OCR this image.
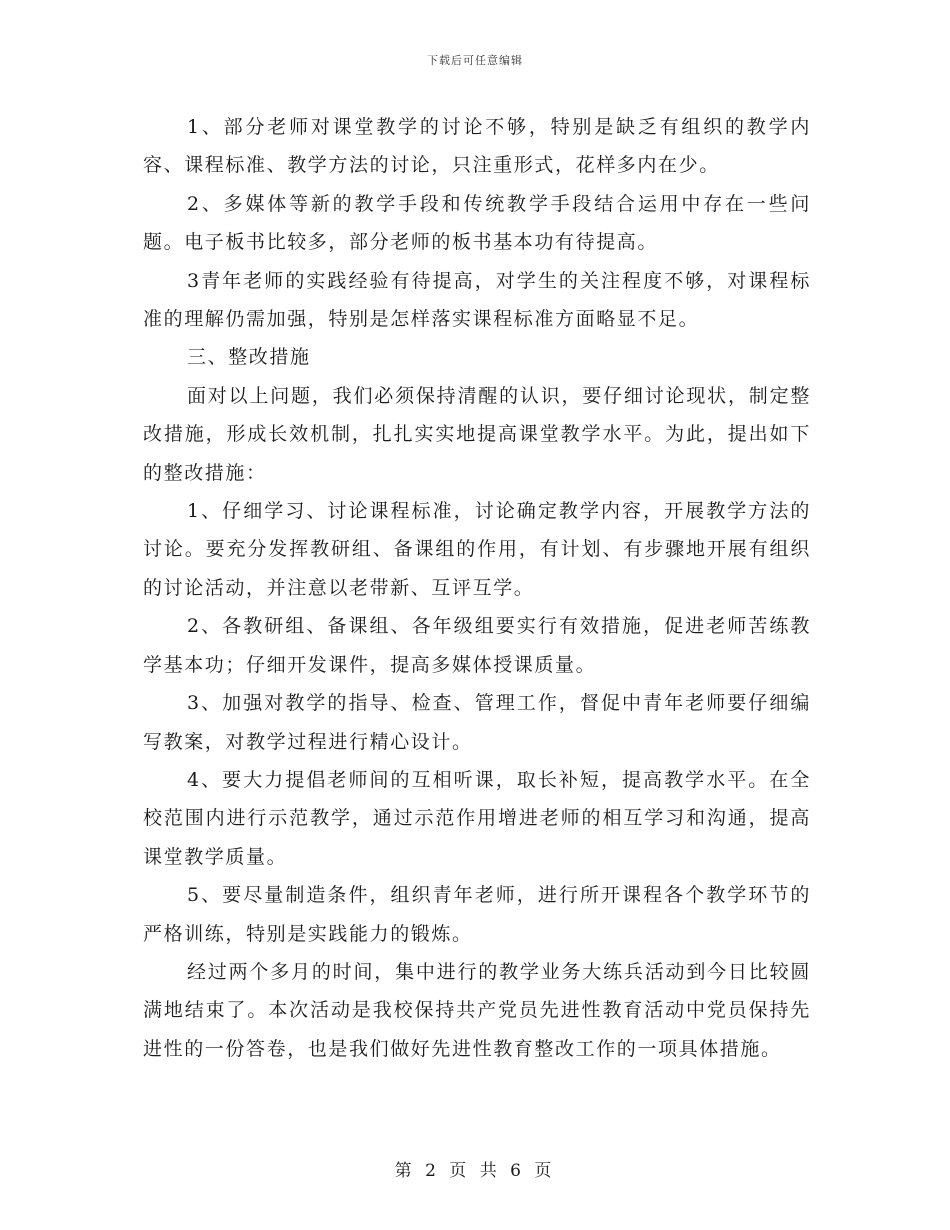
下载后可任意编辑

1、部分老师对课堂教学的讨论不够，特别是缺乏有组织的教学内容、课程标准、教学方法的讨论，只注重形式，花样多内在少。

2、多媒体等新的教学手段和传统教学手段结合运用中存在一些问题。电子板书比较多，部分老师的板书基本功有待提高。

3青年老师的实践经验有待提高，对学生的关注程度不够，对课程标准的理解仍需加强，特别是怎样落实课程标准方面略显不足。

三、整改措施

面对以上问题，我们必须保持清醒的认识，要仔细讨论现状，制定整改措施，形成长效机制，扎扎实实地提高课堂教学水平。为此，提出如下的整改措施：

1、仔细学习、讨论课程标准，讨论确定教学内容，开展教学方法的讨论。要充分发挥教研组、备课组的作用，有计划、有步骤地开展有组织的讨论活动，并注意以老带新、互评互学。

2、各教研组、备课组、各年级组要实行有效措施，促进老师苦练教学基本功；仔细开发课件，提高多媒体授课质量。

3、加强对教学的指导、检查、管理工作，督促中青年老师要仔细编写教案，对教学过程进行精心设计。

4、要大力提倡老师间的互相听课，取长补短，提高教学水平。在全校范围内进行示范教学，通过示范作用增进老师的相互学习和沟通，提高课堂教学质量。

5、要尽量制造条件，组织青年老师，进行所开课程各个教学环节的严格训练，特别是实践能力的锻炼。

经过两个多月的时间，集中进行的教学业务大练兵活动到今日比较圆满地结束了。本次活动是我校保持共产党员先进性教育活动中党员保持先进性的一份答卷，也是我们做好先进性教育整改工作的一项具体措施。

第 2 页 共 6 页
